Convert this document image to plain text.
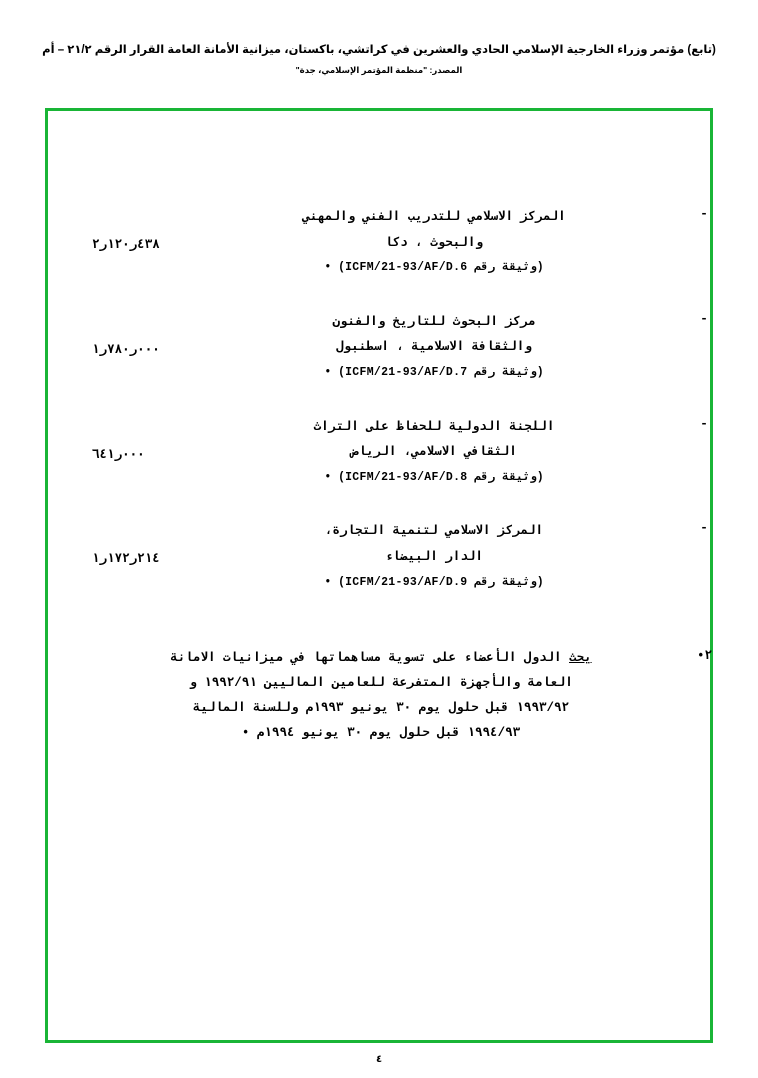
(تابع) مؤتمر وزراء الخارجية الإسلامي الحادي والعشرين في كراتشي، باكستان، ميزانية الأمانة العامة القرار الرقم ٢١/٢ – أم
المصدر: "منظمة المؤتمر الإسلامي، جدة"
-
٤٣٨ر١٢٠ر٢
المركز الاسلامي للتدريب الفني والمهني
والبحوث ، دكا
(وثيقة رقم ICFM/21-93/AF/D.6) •
-
٠٠٠ر٧٨٠ر١
مركز البحوث للتاريخ والفنون
والثقافة الاسلامية ، اسطنبول
(وثيقة رقم ICFM/21-93/AF/D.7) •
-
٠٠٠ر٦٤١
اللجنة الدولية للحفاظ على التراث
الثقافي الاسلامي، الرياض
(وثيقة رقم ICFM/21-93/AF/D.8) •
-
٢١٤ر١٧٢ر١
المركز الاسلامي لتنمية التجارة،
الدار البيضاء
(وثيقة رقم ICFM/21-93/AF/D.9) •
٢•
يحث الدول الأعضاء على تسوية مساهماتها في ميزانيات الامانة
العامة والأجهزة المتفرعة للعامين الماليين ١٩٩٢/٩١ و
١٩٩٣/٩٢ قبل حلول يوم ٣٠ يونيو ١٩٩٣م وللسنة المالية
١٩٩٤/٩٣ قبل حلول يوم ٣٠ يونيو ١٩٩٤م •
٤
